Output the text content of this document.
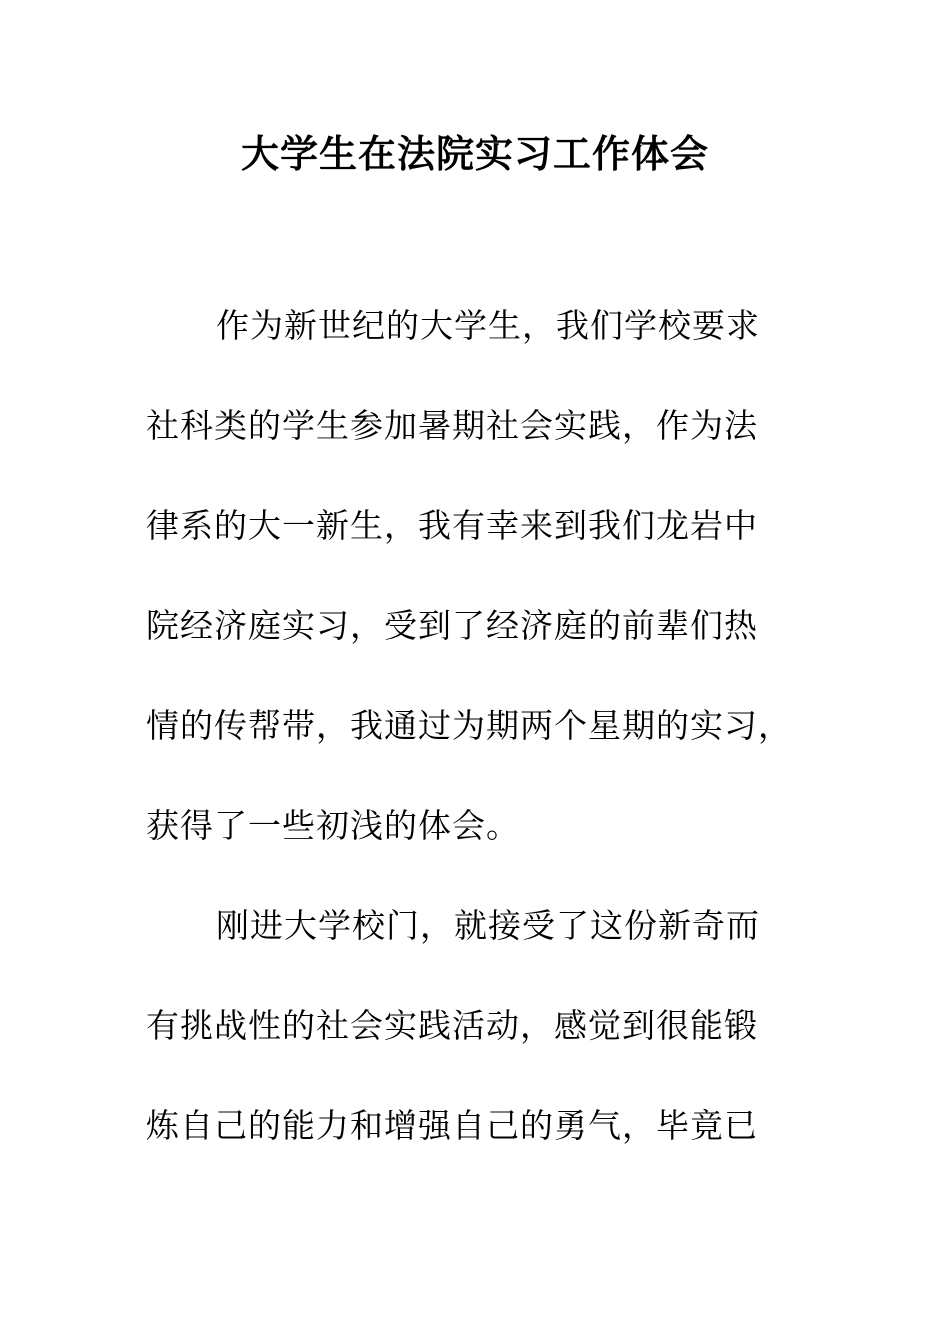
大学生在法院实习工作体会
作为新世纪的大学生，我们学校要求
社科类的学生参加暑期社会实践，作为法
律系的大一新生，我有幸来到我们龙岩中
院经济庭实习，受到了经济庭的前辈们热
情的传帮带，我通过为期两个星期的实习，
获得了一些初浅的体会。
刚进大学校门，就接受了这份新奇而
有挑战性的社会实践活动，感觉到很能锻
炼自己的能力和增强自己的勇气，毕竟已
